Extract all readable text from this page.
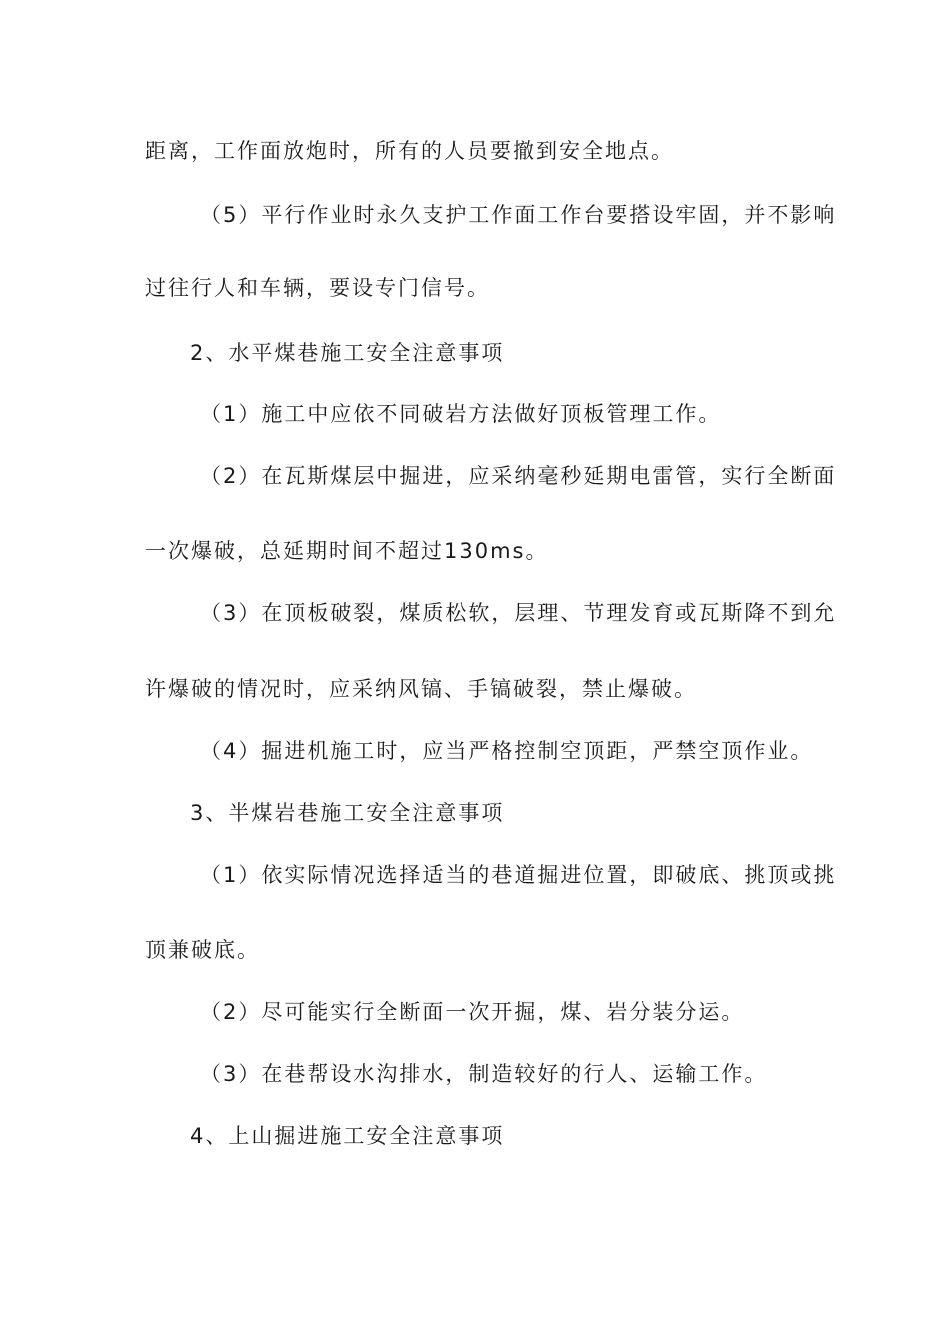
距离，工作面放炮时，所有的人员要撤到安全地点。
（5）平行作业时永久支护工作面工作台要搭设牢固，并不影响
过往行人和车辆，要设专门信号。
2、水平煤巷施工安全注意事项
（1）施工中应依不同破岩方法做好顶板管理工作。
（2）在瓦斯煤层中掘进，应采纳毫秒延期电雷管，实行全断面
一次爆破，总延期时间不超过130ms。
（3）在顶板破裂，煤质松软，层理、节理发育或瓦斯降不到允
许爆破的情况时，应采纳风镐、手镐破裂，禁止爆破。
（4）掘进机施工时，应当严格控制空顶距，严禁空顶作业。
3、半煤岩巷施工安全注意事项
（1）依实际情况选择适当的巷道掘进位置，即破底、挑顶或挑
顶兼破底。
（2）尽可能实行全断面一次开掘，煤、岩分装分运。
（3）在巷帮设水沟排水，制造较好的行人、运输工作。
4、上山掘进施工安全注意事项
